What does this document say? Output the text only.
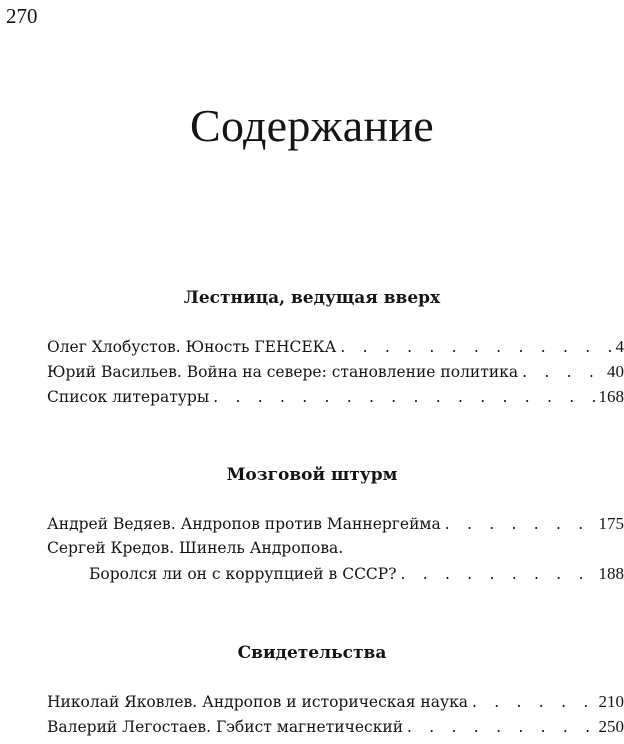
270
Содержание
Лестница, ведущая вверх
Олег Хлобустов. Юность ГЕНСЕКА . . .	4
Юрий Васильев. Война на севере: становление политика . . .	40
Список литературы . . .	168
Мозговой штурм
Андрей Ведяев. Андропов против Маннергейма . . .	175
Сергей Кредов. Шинель Андропова.
Боролся ли он с коррупцией в СССР? . . .	188
Свидетельства
Николай Яковлев. Андропов и историческая наука . . .	210
Валерий Легостаев. Гэбист магнетический . . .	250
